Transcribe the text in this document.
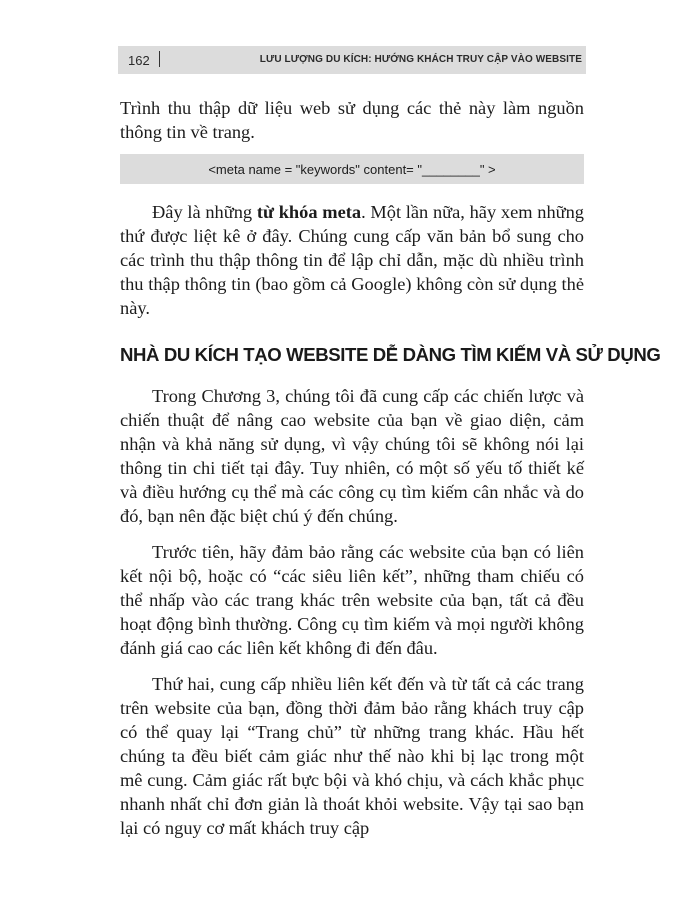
162	LƯU LƯỢNG DU KÍCH: HƯỚNG KHÁCH TRUY CẬP VÀO WEBSITE

Trình thu thập dữ liệu web sử dụng các thẻ này làm nguồn thông tin về trang.

<meta name = "keywords" content= "________" >

Đây là những từ khóa meta. Một lần nữa, hãy xem những thứ được liệt kê ở đây. Chúng cung cấp văn bản bổ sung cho các trình thu thập thông tin để lập chỉ dẫn, mặc dù nhiều trình thu thập thông tin (bao gồm cả Google) không còn sử dụng thẻ này.

NHÀ DU KÍCH TẠO WEBSITE DỄ DÀNG TÌM KIẾM VÀ SỬ DỤNG

Trong Chương 3, chúng tôi đã cung cấp các chiến lược và chiến thuật để nâng cao website của bạn về giao diện, cảm nhận và khả năng sử dụng, vì vậy chúng tôi sẽ không nói lại thông tin chi tiết tại đây. Tuy nhiên, có một số yếu tố thiết kế và điều hướng cụ thể mà các công cụ tìm kiếm cân nhắc và do đó, bạn nên đặc biệt chú ý đến chúng.

Trước tiên, hãy đảm bảo rằng các website của bạn có liên kết nội bộ, hoặc có “các siêu liên kết”, những tham chiếu có thể nhấp vào các trang khác trên website của bạn, tất cả đều hoạt động bình thường. Công cụ tìm kiếm và mọi người không đánh giá cao các liên kết không đi đến đâu.

Thứ hai, cung cấp nhiều liên kết đến và từ tất cả các trang trên website của bạn, đồng thời đảm bảo rằng khách truy cập có thể quay lại “Trang chủ” từ những trang khác. Hầu hết chúng ta đều biết cảm giác như thế nào khi bị lạc trong một mê cung. Cảm giác rất bực bội và khó chịu, và cách khắc phục nhanh nhất chỉ đơn giản là thoát khỏi website. Vậy tại sao bạn lại có nguy cơ mất khách truy cập
